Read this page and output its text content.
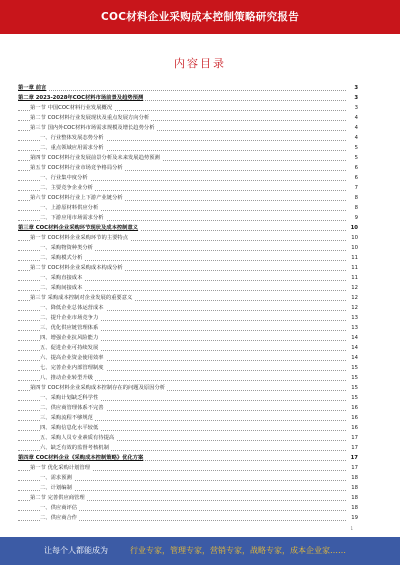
COC材料企业采购成本控制策略研究报告
内容目录
第一章 前言	3
第二章 2023-2028年COC材料市场前景及趋势预测	3
第一节 中国COC材料行业发展概况	3
第二节 COC材料行业发展现状及重点发展方向分析	4
第三节 国内外COC材料市场需求规模及增长趋势分析	4
一、行业整体发展态势分析	4
二、重点领域应用需求分析	5
第四节 COC材料行业发展前景分析及未来发展趋势预测	5
第五节 COC材料行业市场竞争格局分析	6
一、行业集中度分析	6
二、主要竞争企业分析	7
第六节 COC材料行业上下游产业链分析	8
一、上游原材料供应分析	8
二、下游应用市场需求分析	9
第三章 COC材料企业采购环节现状及成本控制意义	10
第一节 COC材料企业采购环节的主要特点	10
一、采购物资种类分析	10
二、采购模式分析	11
第二节 COC材料企业采购成本构成分析	11
一、采购直接成本	11
二、采购间接成本	12
第三节 采购成本控制对企业发展的重要意义	12
一、降低企业总体运营成本	12
二、提升企业市场竞争力	13
三、优化供应链管理体系	13
四、增强企业抗风险能力	14
五、促进企业可持续发展	14
六、提高企业资金使用效率	14
七、完善企业内部管理制度	15
八、推动企业转型升级	15
第四节 COC材料企业采购成本控制存在的问题及原因分析	15
一、采购计划缺乏科学性	15
二、供应商管理体系不完善	16
三、采购流程不够规范	16
四、采购信息化水平较低	16
五、采购人员专业素质有待提高	17
六、缺乏有效的监督考核机制	17
第四章 COC材料企业《采购成本控制策略》优化方案	17
第一节 优化采购计划管理	17
一、需求预测	18
二、计划编制	18
第二节 完善供应商管理	18
一、供应商评估	18
二、供应商合作	19
1
让每个人都能成为	行业专家，管理专家，营销专家，战略专家，成本企业家……
